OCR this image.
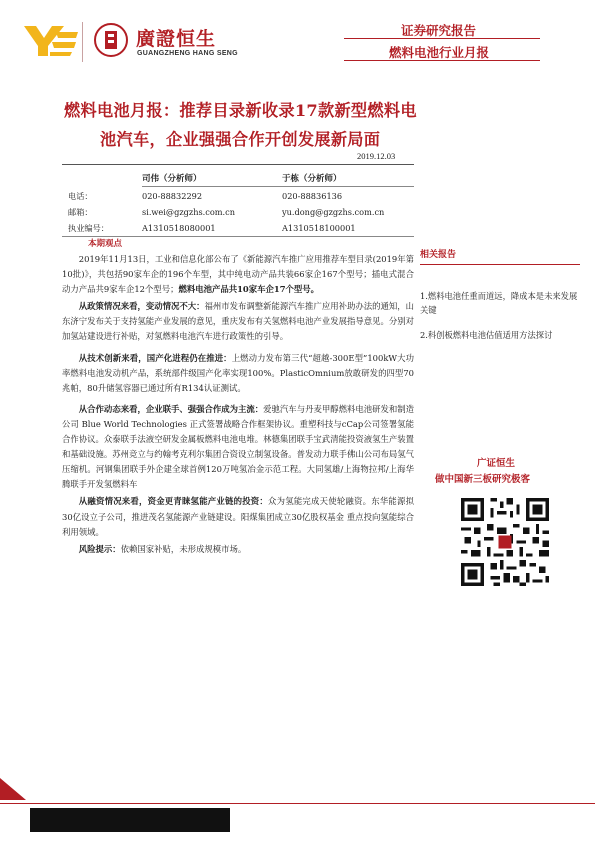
廣證恒生
GUANGZHENG HANG SENG
证券研究报告
燃料电池行业月报
燃料电池月报：推荐目录新收录17款新型燃料电
池汽车，企业强强合作开创发展新局面
2019.12.03
司伟（分析师）	于栋（分析师）
电话：	020-88832292	020-88836136
邮箱：	si.wei@gzgzhs.com.cn	yu.dong@gzgzhs.com.cn
执业编号：	A1310518080001	A1310518100001
本期观点

2019年11月13日，工业和信息化部公布了《新能源汽车推广应用推荐车型目录(2019年第10批)》，共包括90家车企的196个车型，其中纯电动产品共装66家企167个型号；插电式混合动力产品共9家车企12个型号；燃料电池产品共10家车企17个型号。

从政策情况来看，变动情况不大：福州市发布调整新能源汽车推广应用补助办法的通知，山东济宁发布关于支持氢能产业发展的意见，重庆发布有关氢燃料电池产业发展指导意见。分别对加氢站建设进行补贴，对氢燃料电池汽车进行政策性的引导。

从技术创新来看，国产化进程仍在推进：上燃动力发布第三代“超越-300E型”100kW大功率燃料电池发动机产品，系统部件级国产化率实现100%。PlasticOmnium放敢研发的四型70兆帕，80升储氢容器已通过所有R134认证测试。

从合作动态来看，企业联手、强强合作成为主流：爱驰汽车与丹麦甲醇燃料电池研发和制造公司 Blue World Technologies 正式签署战略合作框架协议。重塑科技与cCap公司签署氢能合作协议。众泰联手法液空研发金属板燃料电池电堆。林德集团联手宝武清能投资液氢生产装置和基础设施。苏州竞立与约翰考克利尔集团合资设立制氢设备。普发动力联手佛山公司布局氢气压缩机。河钢集团联手外企建全球首例120万吨氢冶金示范工程。大同氢雄/上海物拉邦/上海华腾联手开发氢燃料车

从融资情况来看，资金更青睐氢能产业链的投资：众为氢能完成天使轮融资。东华能源拟30亿设立子公司，推进茂名氢能源产业链建设。阳煤集团成立30亿股权基金 重点投向氢能综合利用领域。

风险提示：依赖国家补贴，未形成规模市场。

相关报告
1.燃料电池任重而道远，降成本是未来发展关键
2.科创板燃料电池估值适用方法探讨
广证恒生
做中国新三板研究极客
